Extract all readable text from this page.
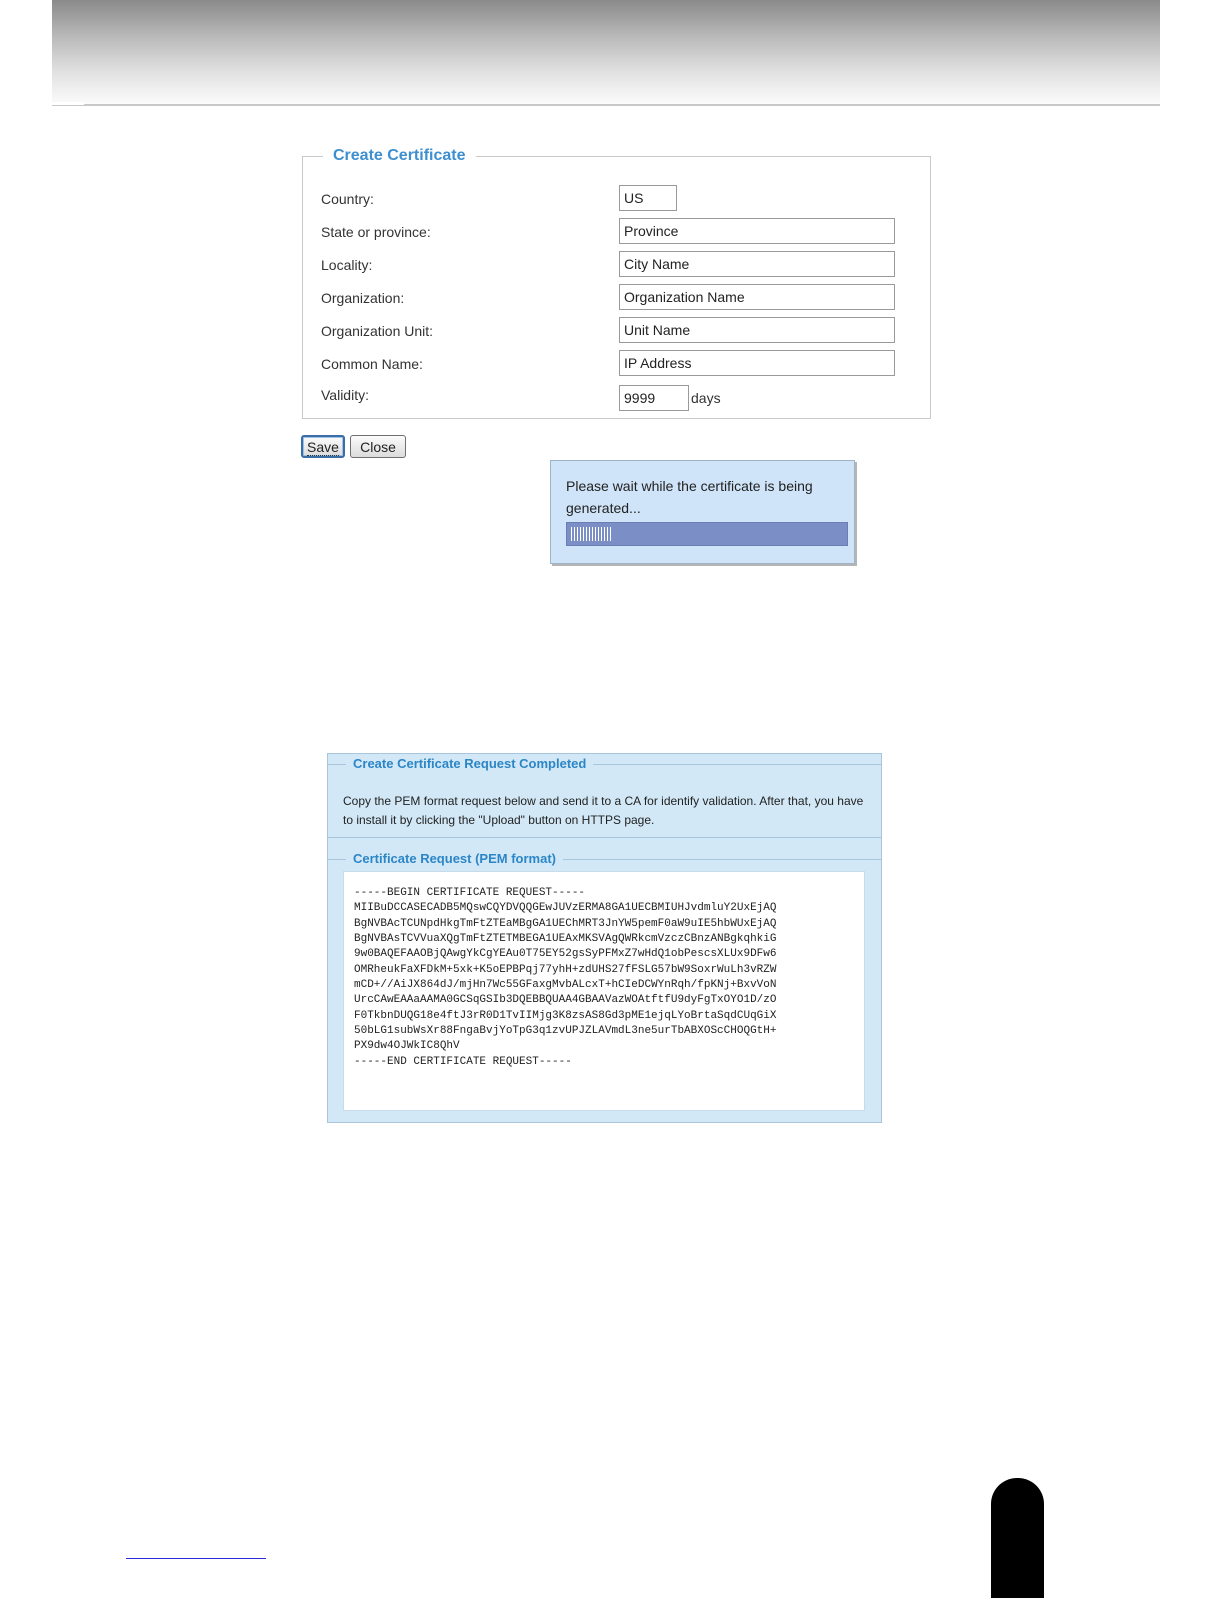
Create Certificate
Country:	US
State or province:	Province
Locality:	City Name
Organization:	Organization Name
Organization Unit:	Unit Name
Common Name:	IP Address
Validity:	9999	days
Save	Close
Please wait while the certificate is being generated...
Create Certificate Request Completed
Copy the PEM format request below and send it to a CA for identify validation. After that, you have to install it by clicking the "Upload" button on HTTPS page.
Certificate Request (PEM format)
-----BEGIN CERTIFICATE REQUEST-----
MIIBuDCCASECADB5MQswCQYDVQQGEwJUVzERMA8GA1UECBMIUHJvdmluY2UxEjAQ
BgNVBAcTCUNpdHkgTmFtZTEaMBgGA1UEChMRT3JnYW5pemF0aW9uIE5hbWUxEjAQ
BgNVBAsTCVVuaXQgTmFtZTETMBEGA1UEAxMKSVAgQWRkcmVzczCBnzANBgkqhkiG
9w0BAQEFAAOBjQAwgYkCgYEAu0T75EY52gsSyPFMxZ7wHdQ1obPescsXLUx9DFw6
OMRheukFaXFDkM+5xk+K5oEPBPqj77yhH+zdUHS27fFSLG57bW9SoxrWuLh3vRZW
mCD+//AiJX864dJ/mjHn7Wc55GFaxgMvbALcxT+hCIeDCWYnRqh/fpKNj+BxvVoN
UrcCAwEAAaAAMA0GCSqGSIb3DQEBBQUAA4GBAAVazWOAtftfU9dyFgTxOYO1D/zO
F0TkbnDUQG18e4ftJ3rR0D1TvIIMjg3K8zsAS8Gd3pME1ejqLYoBrtaSqdCUqGiX
50bLG1subWsXr88FngaBvjYoTpG3q1zvUPJZLAVmdL3ne5urTbABXOScCHOQGtH+
PX9dw4OJWkIC8QhV
-----END CERTIFICATE REQUEST-----
